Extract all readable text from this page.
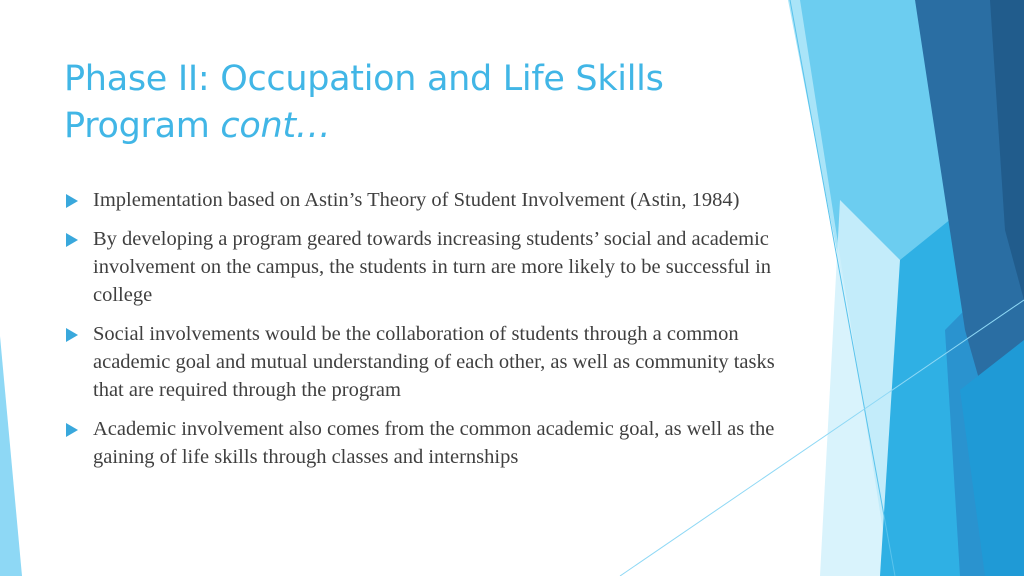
Phase II: Occupation and Life Skills
Program cont…
Implementation based on Astin’s Theory of Student Involvement (Astin, 1984)
By developing a program geared towards increasing students’ social and academic involvement on the campus, the students in turn are more likely to be successful in college
Social involvements would be the collaboration of students through a common academic goal and mutual understanding of each other, as well as community tasks that are required through the program
Academic involvement also comes from the common academic goal, as well as the gaining of life skills through classes and internships
